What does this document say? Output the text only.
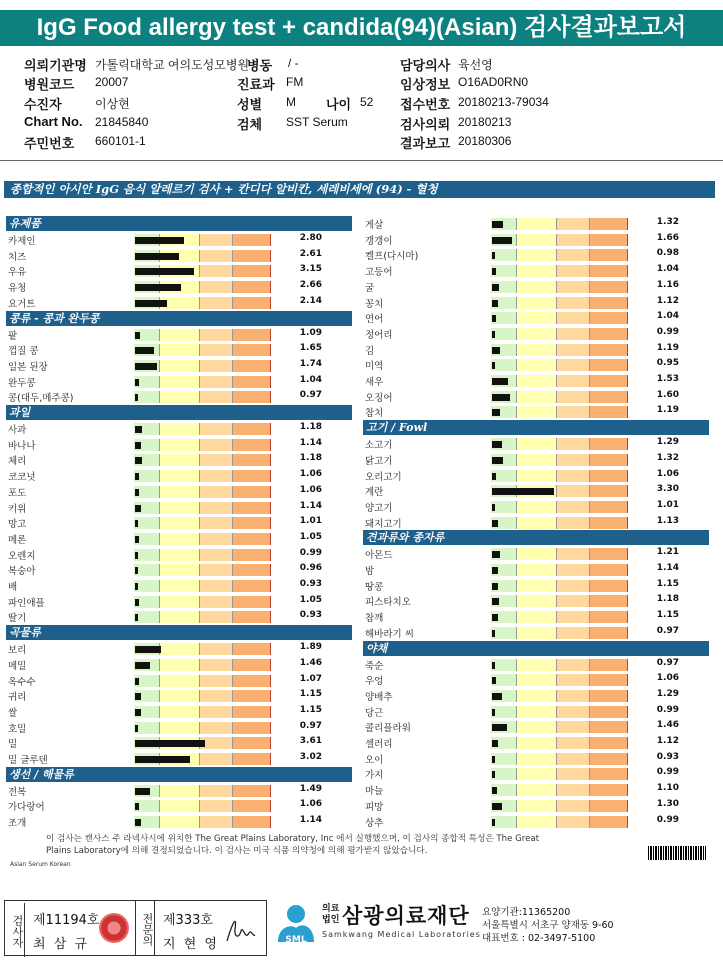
IgG Food allergy test + candida(94)(Asian) 검사결과보고서
의뢰기관명 가톨릭대학교 여의도성모병원
병동 / -	담당의사 육선영
병원코드 20007	진료과 FM	임상정보 O16AD0RN0
수진자	이상현	성별 M 나이 52 접수번호 20180213-79034
Chart No. 21845840	검체 SST Serum	검사의뢰 20180213
주민번호 660101-1	결과보고 20180306
종합적인 아시안 IgG 음식 알레르기 검사 + 칸디다 알비칸, 세레비세에 (94) - 혈청
유제품
카제인	2.80
치즈	2.61
우유	3.15
유청	2.66
요거트	2.14
콩류 - 콩과 완두콩
팥	1.09
껍질 콩	1.65
일본 된장	1.74
완두콩	1.04
콩(대두,메주콩)	0.97
과일
사과	1.18
바나나	1.14
체리	1.18
코코넛	1.06
포도	1.06
키위	1.14
망고	1.01
메론	1.05
오렌지	0.99
복숭아	0.96
배	0.93
파인애플	1.05
딸기	0.93
곡물류
보리	1.89
메밀	1.46
옥수수	1.07
귀리	1.15
쌀	1.15
호밀	0.97
밀	3.61
밀 글루텐	3.02
생선 / 해물류
전복	1.49
가다랑어	1.06
조개	1.14
게살	1.32
갱갱이	1.66
켈프(다시마)	0.98
고등어	1.04
굴	1.16
꽁치	1.12
연어	1.04
정어리	0.99
김	1.19
미역	0.95
새우	1.53
오징어	1.60
참치	1.19
고기 / Fowl
소고기	1.29
닭고기	1.32
오리고기	1.06
계란	3.30
양고기	1.01
돼지고기	1.13
견과류와 종자류
아몬드	1.21
밤	1.14
땅콩	1.15
피스타치오	1.18
참깨	1.15
해바라기 씨	0.97
야채
죽순	0.97
우엉	1.06
양배추	1.29
당근	0.99
콜리플라워	1.46
셀러리	1.12
오이	0.93
가지	0.99
마늘	1.10
피망	1.30
상추	0.99
이 검사는 캔사스 주 라넥사시에 위치한 The Great Plains Laboratory, Inc 에서 실행했으며, 이 검사의 종합적 특성은 The Great
Plains Laboratory에 의해 결정되었습니다. 이 검사는 미국 식품 의약청에 의해 평가받지 않았습니다.
Asian Serum Korean
검사자 제11194호
최 삼 규	전문의 제333호
지 현 영	SML
의료
법인 삼광의료재단
Samkwang Medical Laboratories
요양기관:11365200
서울특별시 서초구 양재동 9-60
대표번호 : 02-3497-5100
